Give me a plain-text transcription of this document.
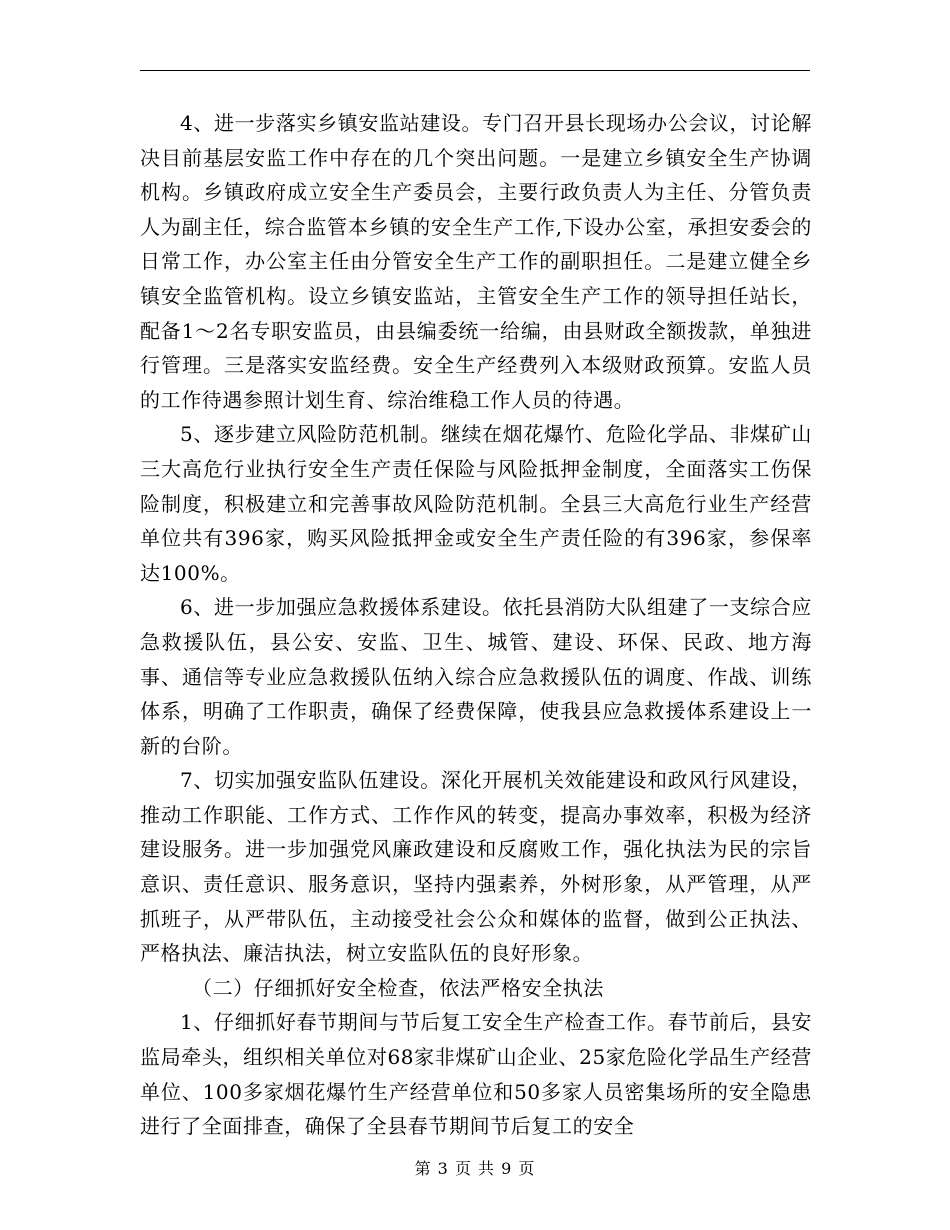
4、进一步落实乡镇安监站建设。专门召开县长现场办公会议，讨论解决目前基层安监工作中存在的几个突出问题。一是建立乡镇安全生产协调机构。乡镇政府成立安全生产委员会，主要行政负责人为主任、分管负责人为副主任，综合监管本乡镇的安全生产工作,下设办公室，承担安委会的日常工作，办公室主任由分管安全生产工作的副职担任。二是建立健全乡镇安全监管机构。设立乡镇安监站，主管安全生产工作的领导担任站长，配备1～2名专职安监员，由县编委统一给编，由县财政全额拨款，单独进行管理。三是落实安监经费。安全生产经费列入本级财政预算。安监人员的工作待遇参照计划生育、综治维稳工作人员的待遇。

5、逐步建立风险防范机制。继续在烟花爆竹、危险化学品、非煤矿山三大高危行业执行安全生产责任保险与风险抵押金制度，全面落实工伤保险制度，积极建立和完善事故风险防范机制。全县三大高危行业生产经营单位共有396家，购买风险抵押金或安全生产责任险的有396家，参保率达100%。

6、进一步加强应急救援体系建设。依托县消防大队组建了一支综合应急救援队伍，县公安、安监、卫生、城管、建设、环保、民政、地方海事、通信等专业应急救援队伍纳入综合应急救援队伍的调度、作战、训练体系，明确了工作职责，确保了经费保障，使我县应急救援体系建设上一新的台阶。

7、切实加强安监队伍建设。深化开展机关效能建设和政风行风建设，推动工作职能、工作方式、工作作风的转变，提高办事效率，积极为经济建设服务。进一步加强党风廉政建设和反腐败工作，强化执法为民的宗旨意识、责任意识、服务意识，坚持内强素养，外树形象，从严管理，从严抓班子，从严带队伍，主动接受社会公众和媒体的监督，做到公正执法、严格执法、廉洁执法，树立安监队伍的良好形象。

（二）仔细抓好安全检查，依法严格安全执法

1、仔细抓好春节期间与节后复工安全生产检查工作。春节前后，县安监局牵头，组织相关单位对68家非煤矿山企业、25家危险化学品生产经营单位、100多家烟花爆竹生产经营单位和50多家人员密集场所的安全隐患进行了全面排查，确保了全县春节期间节后复工的安全

第 3 页 共 9 页
